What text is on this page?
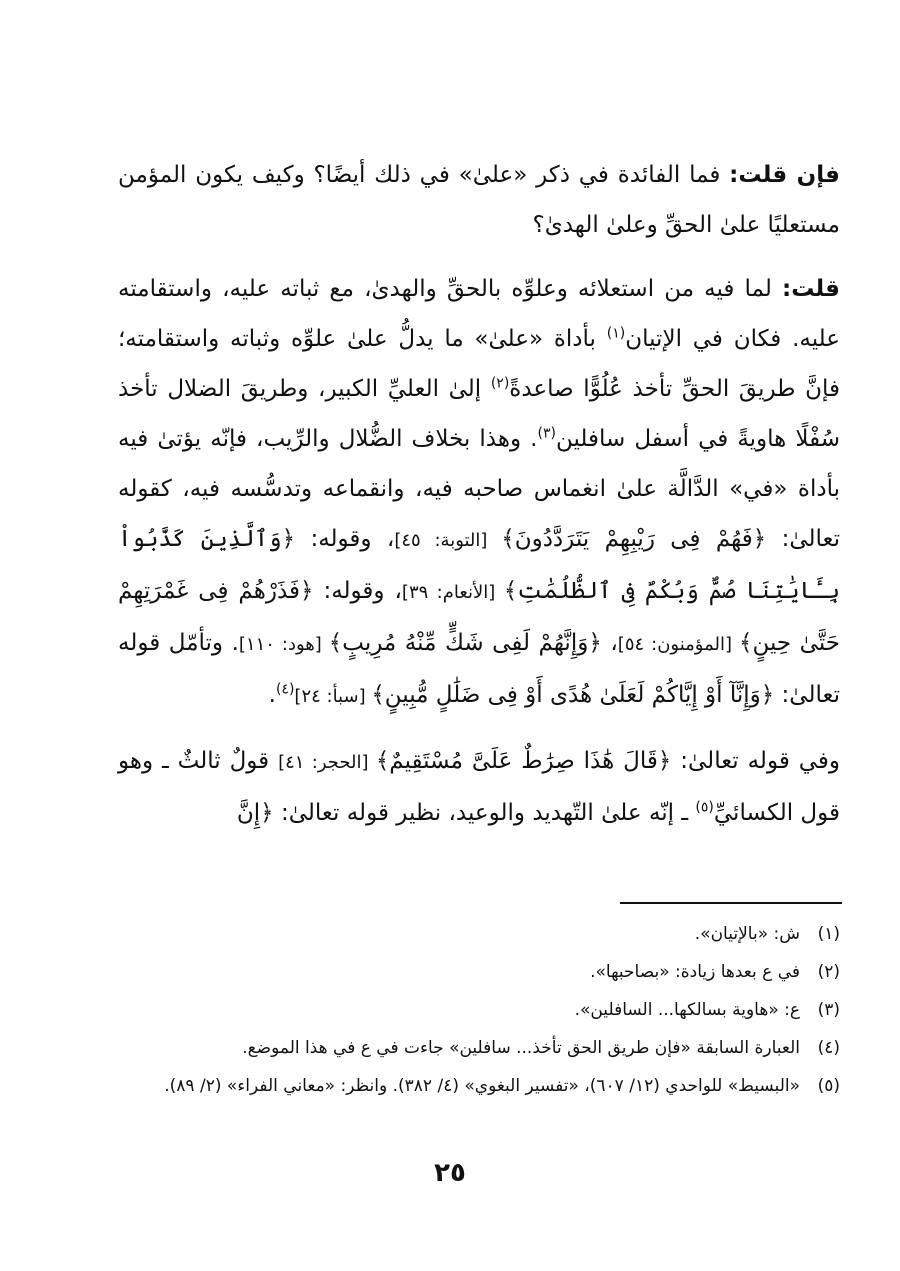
فإن قلت: فما الفائدة في ذكر «علىٰ» في ذلك أيضًا؟ وكيف يكون المؤمن مستعليًا علىٰ الحقِّ وعلىٰ الهدىٰ؟

قلت: لما فيه من استعلائه وعلوِّه بالحقِّ والهدىٰ، مع ثباته عليه، واستقامته عليه. فكان في الإتيان$^{(١)}$ بأداة «علىٰ» ما يدلُّ علىٰ علوِّه وثباته واستقامته؛ فإنَّ طريقَ الحقِّ تأخذ عُلُوًّا صاعدةً$^{(٢)}$ إلىٰ العليِّ الكبير، وطريقَ الضلال تأخذ سُفْلًا هاويةً في أسفل سافلين$^{(٣)}$. وهذا بخلاف الضُّلال والرِّيب، فإنّه يؤتىٰ فيه بأداة «في» الدَّالَّة علىٰ انغماس صاحبه فيه، وانقماعه وتدسُّسه فيه، كقوله تعالىٰ: ﴿فَهُمْ فِى رَيْبِهِمْ يَتَرَدَّدُونَ﴾ [التوبة: ٤٥]، وقوله: ﴿وَٱلَّذِينَ كَذَّبُواْ بِـَٔايَٰتِنَا صُمٌّ وَبُكْمٌ فِى ٱلظُّلُمَٰتِ﴾ [الأنعام: ٣٩]، وقوله: ﴿فَذَرْهُمْ فِى غَمْرَتِهِمْ حَتَّىٰ حِينٍ﴾ [المؤمنون: ٥٤]، ﴿وَإِنَّهُمْ لَفِى شَكٍّ مِّنْهُ مُرِيبٍ﴾ [هود: ١١٠]. وتأمّل قوله تعالىٰ: ﴿وَإِنَّآ أَوْ إِيَّاكُمْ لَعَلَىٰ هُدًى أَوْ فِى ضَلَٰلٍ مُّبِينٍ﴾ [سبأ: ٢٤]$^{(٤)}$.

وفي قوله تعالىٰ: ﴿قَالَ هَٰذَا صِرَٰطٌ عَلَىَّ مُسْتَقِيمٌ﴾ [الحجر: ٤١] قولٌ ثالثٌ ـ وهو قول الكسائيِّ$^{(٥)}$ ـ إنّه علىٰ التّهديد والوعيد، نظير قوله تعالىٰ: ﴿إِنَّ

(١)
ش: «بالإتيان».
(٢)
في ع بعدها زيادة: «بصاحبها».
(٣)
ع: «هاوية بسالكها... السافلين».
(٤)
العبارة السابقة «فإن طريق الحق تأخذ... سافلين» جاءت في ع في هذا الموضع.
(٥)
«البسيط» للواحدي (١٢/ ٦٠٧)، «تفسير البغوي» (٤/ ٣٨٢). وانظر: «معاني الفراء» (٢/ ٨٩).
٢٥
